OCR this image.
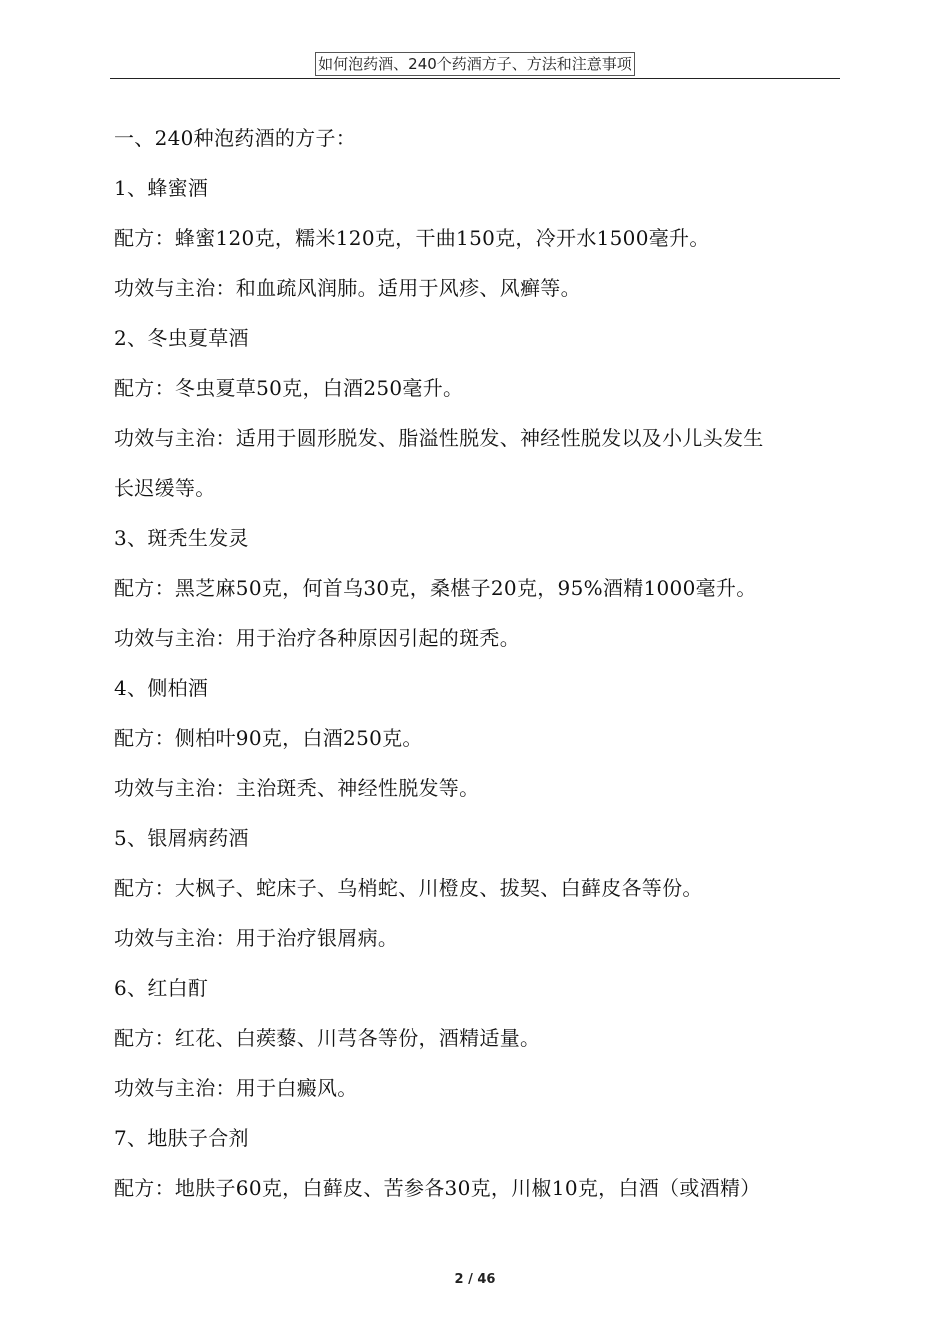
如何泡药酒、240个药酒方子、方法和注意事项
一、240种泡药酒的方子：
1、蜂蜜酒
配方：蜂蜜120克，糯米120克，干曲150克，冷开水1500毫升。
功效与主治：和血疏风润肺。适用于风疹、风癣等。
2、冬虫夏草酒
配方：冬虫夏草50克，白酒250毫升。
功效与主治：适用于圆形脱发、脂溢性脱发、神经性脱发以及小儿头发生
长迟缓等。
3、斑秃生发灵
配方：黑芝麻50克，何首乌30克，桑椹子20克，95%酒精1000毫升。
功效与主治：用于治疗各种原因引起的斑秃。
4、侧柏酒
配方：侧柏叶90克，白酒250克。
功效与主治：主治斑秃、神经性脱发等。
5、银屑病药酒
配方：大枫子、蛇床子、乌梢蛇、川橙皮、拔契、白藓皮各等份。
功效与主治：用于治疗银屑病。
6、红白酊
配方：红花、白蒺藜、川芎各等份，酒精适量。
功效与主治：用于白癜风。
7、地肤子合剂
配方：地肤子60克，白藓皮、苦参各30克，川椒10克，白酒（或酒精）
2 / 46
